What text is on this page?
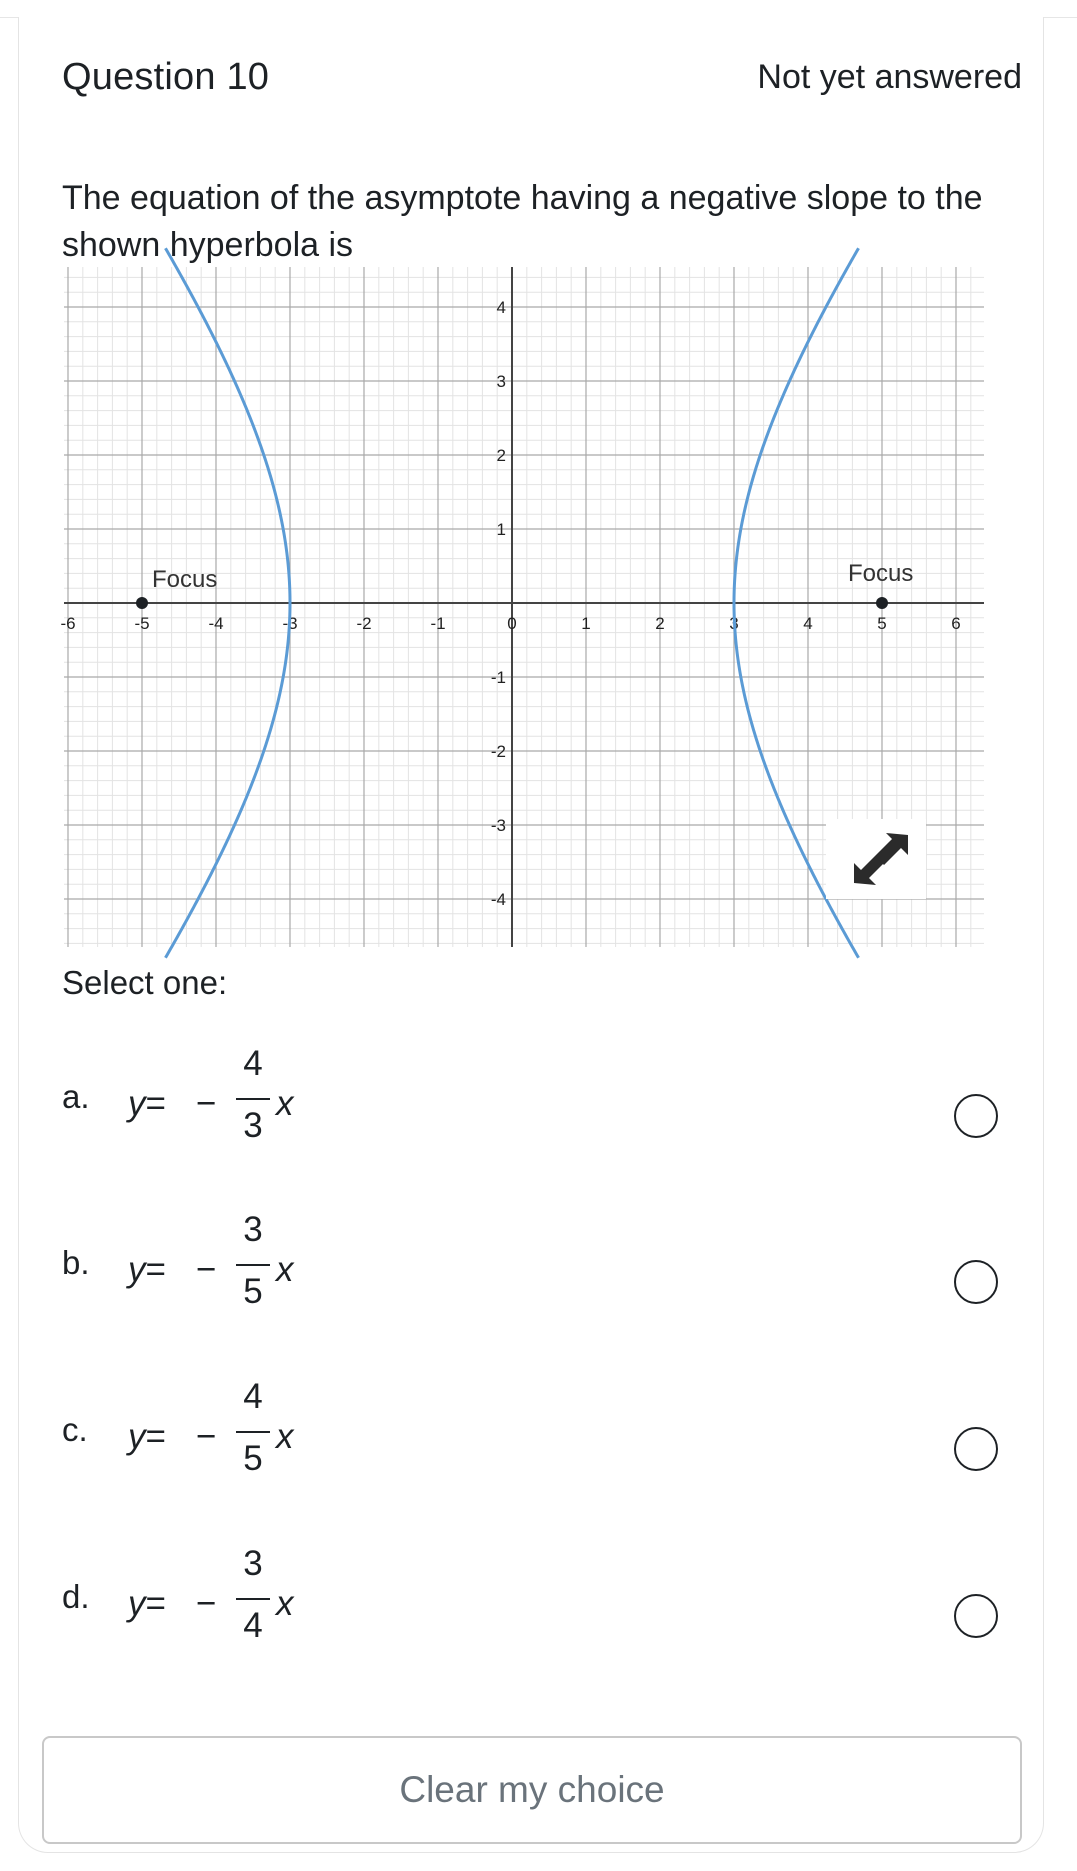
Question 10	Not yet answered
The equation of the asymptote having a negative slope to the shown hyperbola is
-6	-5	-4	-3	-2	-1	0	1	2	3	4	5	6
4
3
2
1
-1
-2
-3
-4
Focus	Focus
Select one:
a. y= −
4
3
x
b. y= −
3
5
x
c. y= −
4
5
x
d. y= −
3
4
x
Clear my choice
